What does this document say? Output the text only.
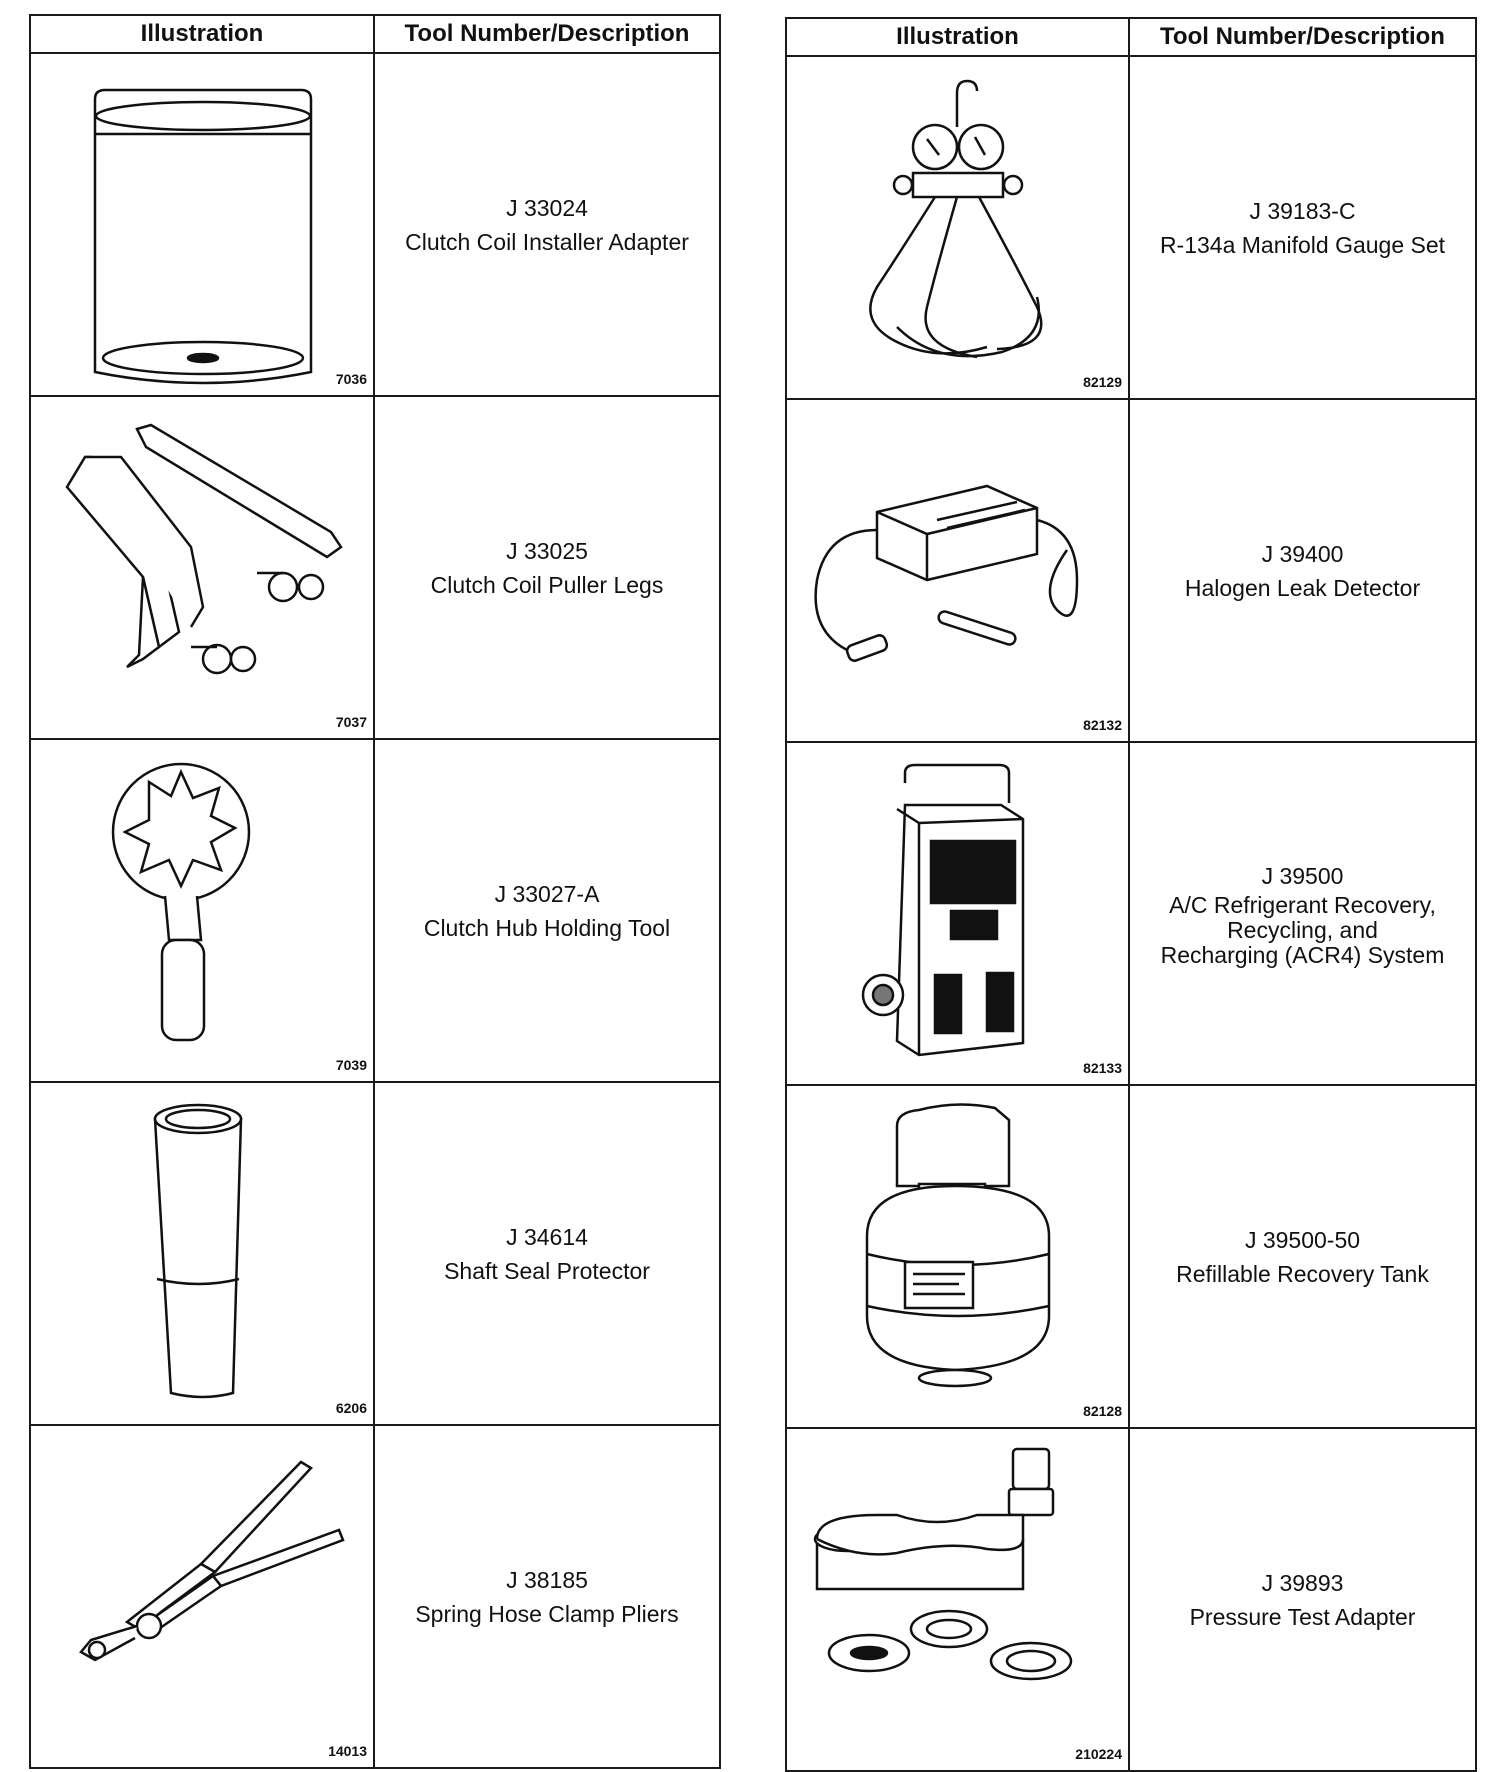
Illustration	Tool Number/Description

7036	J 33024
Clutch Coil Installer Adapter

7037	J 33025
Clutch Coil Puller Legs

7039	J 33027-A
Clutch Hub Holding Tool

6206	J 34614
Shaft Seal Protector

14013	J 38185
Spring Hose Clamp Pliers
Illustration	Tool Number/Description

82129	J 39183-C
R-134a Manifold Gauge Set

82132	J 39400
Halogen Leak Detector

82133	J 39500
A/C Refrigerant Recovery,
Recycling, and
Recharging (ACR4) System

82128	J 39500-50
Refillable Recovery Tank

210224	J 39893
Pressure Test Adapter
